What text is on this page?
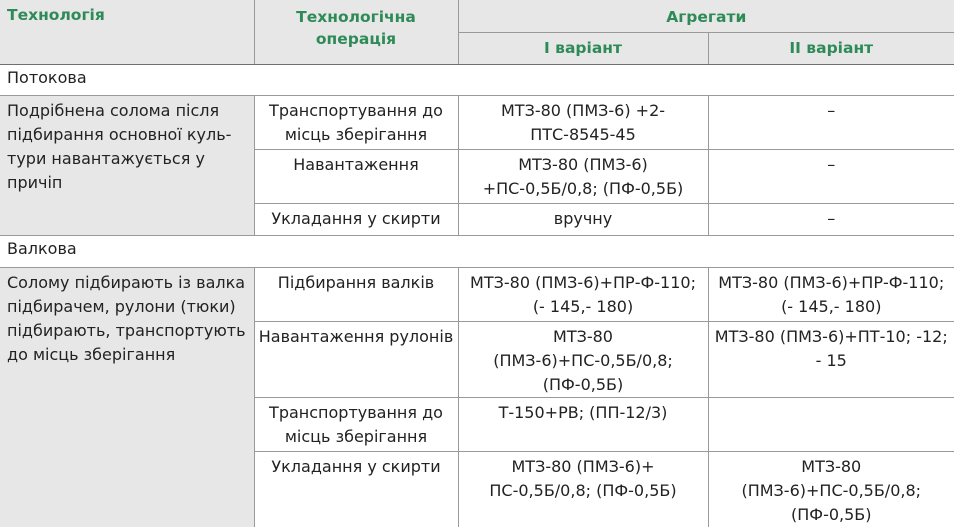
Технологія	Технологічна операція	Агрегати	
		І варіант	ІІ варіант
Потокова			
Подрібнена солома після підбирання основної куль-тури навантажується у причіп	Транспортування до місць зберігання	МТЗ-80 (ПМЗ-6) +2-ПТС-8545-45	–
	Навантаження	МТЗ-80 (ПМЗ-6) +ПС-0,5Б/0,8; (ПФ-0,5Б)	–
	Укладання у скирти	вручну	–
Валкова			
Солому підбирають із валка підбирачем, рулони (тюки) підбирають, транспортують до місць зберігання	Підбирання валків	МТЗ-80 (ПМЗ-6)+ПР-Ф-110; (- 145,- 180)	МТЗ-80 (ПМЗ-6)+ПР-Ф-110; (- 145,- 180)
	Навантаження рулонів	МТЗ-80 (ПМЗ-6)+ПС-0,5Б/0,8;(ПФ-0,5Б)	МТЗ-80 (ПМЗ-6)+ПТ-10; -12; - 15
	Транспортування до місць зберігання	Т-150+РВ; (ПП-12/3)	
	Укладання у скирти	МТЗ-80 (ПМЗ-6)+ ПС-0,5Б/0,8; (ПФ-0,5Б)	МТЗ-80 (ПМЗ-6)+ПС-0,5Б/0,8; (ПФ-0,5Б)
